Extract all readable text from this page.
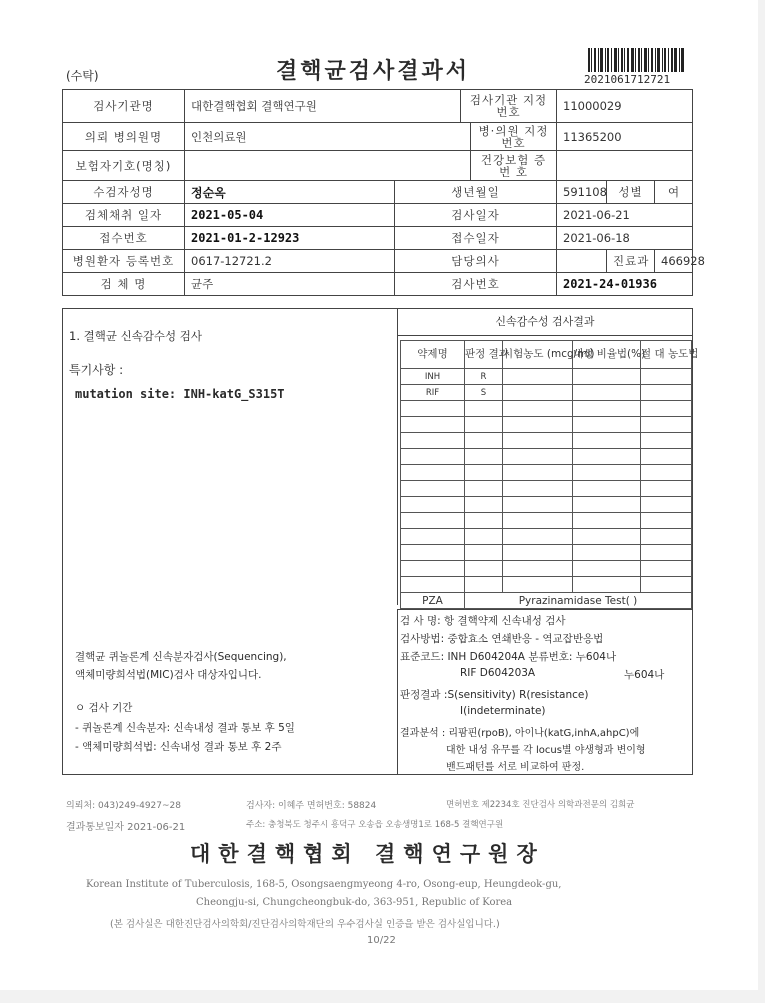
(수탁)	결핵균검사결과서	2021061712721
검사기관명	대한결핵협회 결핵연구원		검사기관 지정번호		11000029		
의뢰 병의원명	인천의료원			병·의원 지정번호	11365200		
보험자기호(명칭)				건강보험 증 번 호			
수검자성명	정순옥	생년월일			591108	성별	여
검체채취 일자	2021-05-04	검사일자			2021-06-21		
접수번호	2021-01-2-12923	접수일자			2021-06-18		
병원환자 등록번호	0617-12721.2	담당의사				진료과	466928
검 체 명	균주	검사번호			2021-24-01936		
1. 결핵균 신속감수성 검사
특기사항 :
mutation site: INH-katG_S315T
결핵균 퀴놀론계 신속분자검사(Sequencing),
액체미량희석법(MIC)검사 대상자입니다.
ㅇ 검사 기간
- 퀴놀론계 신속분자: 신속내성 결과 통보 후 5일
- 액체미량희석법: 신속내성 결과 통보 후 2주
신속감수성 검사결과
약제명	판정 결과	시험농도 (mcg/ml)	내성 비율법(%)	절 대 농도법
INH	R			
RIF	S			

PZA	Pyrazinamidase Test( )			
검 사 명: 항 결핵약제 신속내성 검사
검사방법: 중합효소 연쇄반응 - 역교잡반응법
표준코드: INH D604204A 분류번호: 누604나
RIF D604203A	누604나
판정결과 :S(sensitivity) R(resistance)
I(indeterminate)
결과분석 : 리팜핀(rpoB), 아이나(katG,inhA,ahpC)에
대한 내성 유무를 각 locus별 야생형과 변이형
밴드패턴를 서로 비교하여 판정.
의뢰처: 043)249-4927~28	검사자: 이혜주 면허번호: 58824	면허번호 제2234호 진단검사 의학과전문의 김희균
결과통보일자 2021-06-21	주소: 충청북도 청주시 흥덕구 오송읍 오송생명1로 168-5 결핵연구원
대한결핵협회 결핵연구원장
Korean Institute of Tuberculosis, 168-5, Osongsaengmyeong 4-ro, Osong-eup, Heungdeok-gu,
Cheongju-si, Chungcheongbuk-do, 363-951, Republic of Korea
(본 검사실은 대한진단검사의학회/진단검사의학재단의 우수검사실 인증을 받은 검사실입니다.)
10/22
